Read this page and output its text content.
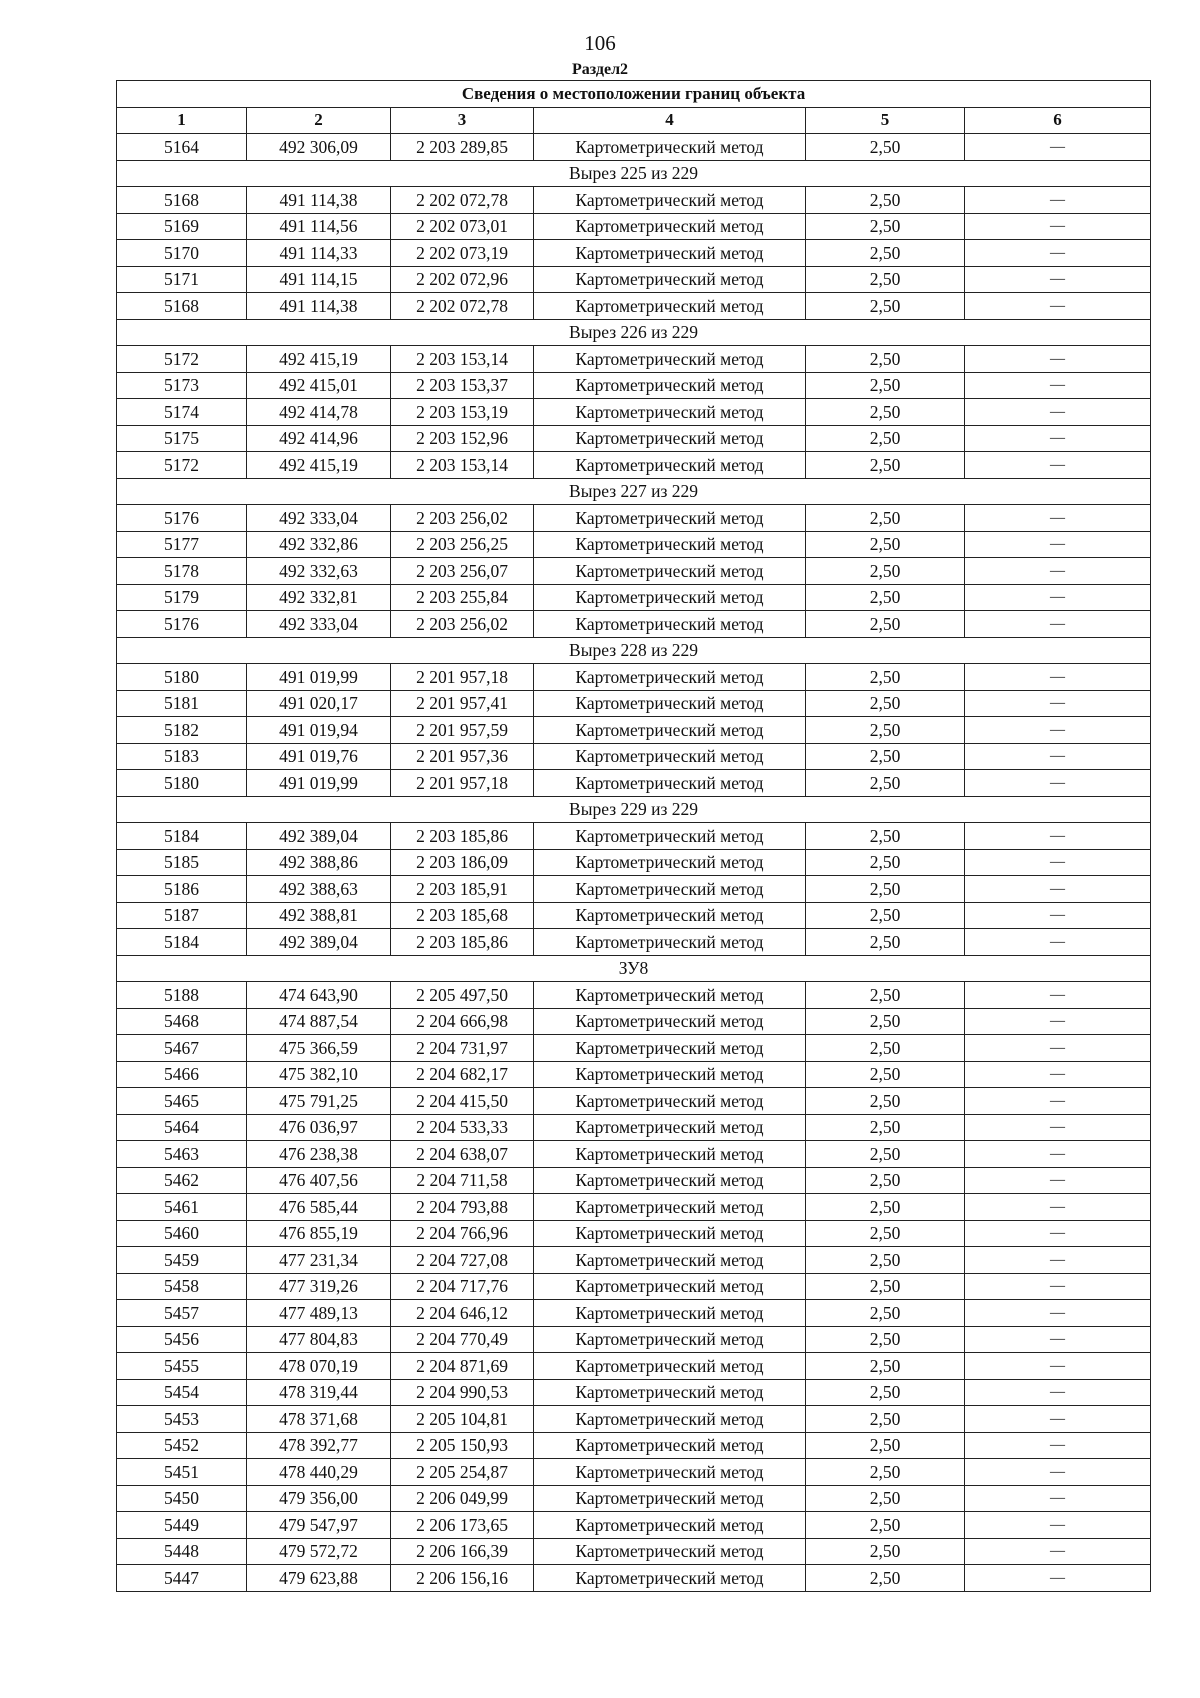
106
Раздел2
Сведения о местоположении границ объекта					
1	2	3	4	5	6
5164	492 306,09	2 203 289,85	Картометрический метод	2,50	—
Вырез 225 из 229					
5168	491 114,38	2 202 072,78	Картометрический метод	2,50	—
5169	491 114,56	2 202 073,01	Картометрический метод	2,50	—
5170	491 114,33	2 202 073,19	Картометрический метод	2,50	—
5171	491 114,15	2 202 072,96	Картометрический метод	2,50	—
5168	491 114,38	2 202 072,78	Картометрический метод	2,50	—
Вырез 226 из 229					
5172	492 415,19	2 203 153,14	Картометрический метод	2,50	—
5173	492 415,01	2 203 153,37	Картометрический метод	2,50	—
5174	492 414,78	2 203 153,19	Картометрический метод	2,50	—
5175	492 414,96	2 203 152,96	Картометрический метод	2,50	—
5172	492 415,19	2 203 153,14	Картометрический метод	2,50	—
Вырез 227 из 229					
5176	492 333,04	2 203 256,02	Картометрический метод	2,50	—
5177	492 332,86	2 203 256,25	Картометрический метод	2,50	—
5178	492 332,63	2 203 256,07	Картометрический метод	2,50	—
5179	492 332,81	2 203 255,84	Картометрический метод	2,50	—
5176	492 333,04	2 203 256,02	Картометрический метод	2,50	—
Вырез 228 из 229					
5180	491 019,99	2 201 957,18	Картометрический метод	2,50	—
5181	491 020,17	2 201 957,41	Картометрический метод	2,50	—
5182	491 019,94	2 201 957,59	Картометрический метод	2,50	—
5183	491 019,76	2 201 957,36	Картометрический метод	2,50	—
5180	491 019,99	2 201 957,18	Картометрический метод	2,50	—
Вырез 229 из 229					
5184	492 389,04	2 203 185,86	Картометрический метод	2,50	—
5185	492 388,86	2 203 186,09	Картометрический метод	2,50	—
5186	492 388,63	2 203 185,91	Картометрический метод	2,50	—
5187	492 388,81	2 203 185,68	Картометрический метод	2,50	—
5184	492 389,04	2 203 185,86	Картометрический метод	2,50	—
ЗУ8					
5188	474 643,90	2 205 497,50	Картометрический метод	2,50	—
5468	474 887,54	2 204 666,98	Картометрический метод	2,50	—
5467	475 366,59	2 204 731,97	Картометрический метод	2,50	—
5466	475 382,10	2 204 682,17	Картометрический метод	2,50	—
5465	475 791,25	2 204 415,50	Картометрический метод	2,50	—
5464	476 036,97	2 204 533,33	Картометрический метод	2,50	—
5463	476 238,38	2 204 638,07	Картометрический метод	2,50	—
5462	476 407,56	2 204 711,58	Картометрический метод	2,50	—
5461	476 585,44	2 204 793,88	Картометрический метод	2,50	—
5460	476 855,19	2 204 766,96	Картометрический метод	2,50	—
5459	477 231,34	2 204 727,08	Картометрический метод	2,50	—
5458	477 319,26	2 204 717,76	Картометрический метод	2,50	—
5457	477 489,13	2 204 646,12	Картометрический метод	2,50	—
5456	477 804,83	2 204 770,49	Картометрический метод	2,50	—
5455	478 070,19	2 204 871,69	Картометрический метод	2,50	—
5454	478 319,44	2 204 990,53	Картометрический метод	2,50	—
5453	478 371,68	2 205 104,81	Картометрический метод	2,50	—
5452	478 392,77	2 205 150,93	Картометрический метод	2,50	—
5451	478 440,29	2 205 254,87	Картометрический метод	2,50	—
5450	479 356,00	2 206 049,99	Картометрический метод	2,50	—
5449	479 547,97	2 206 173,65	Картометрический метод	2,50	—
5448	479 572,72	2 206 166,39	Картометрический метод	2,50	—
5447	479 623,88	2 206 156,16	Картометрический метод	2,50	—
